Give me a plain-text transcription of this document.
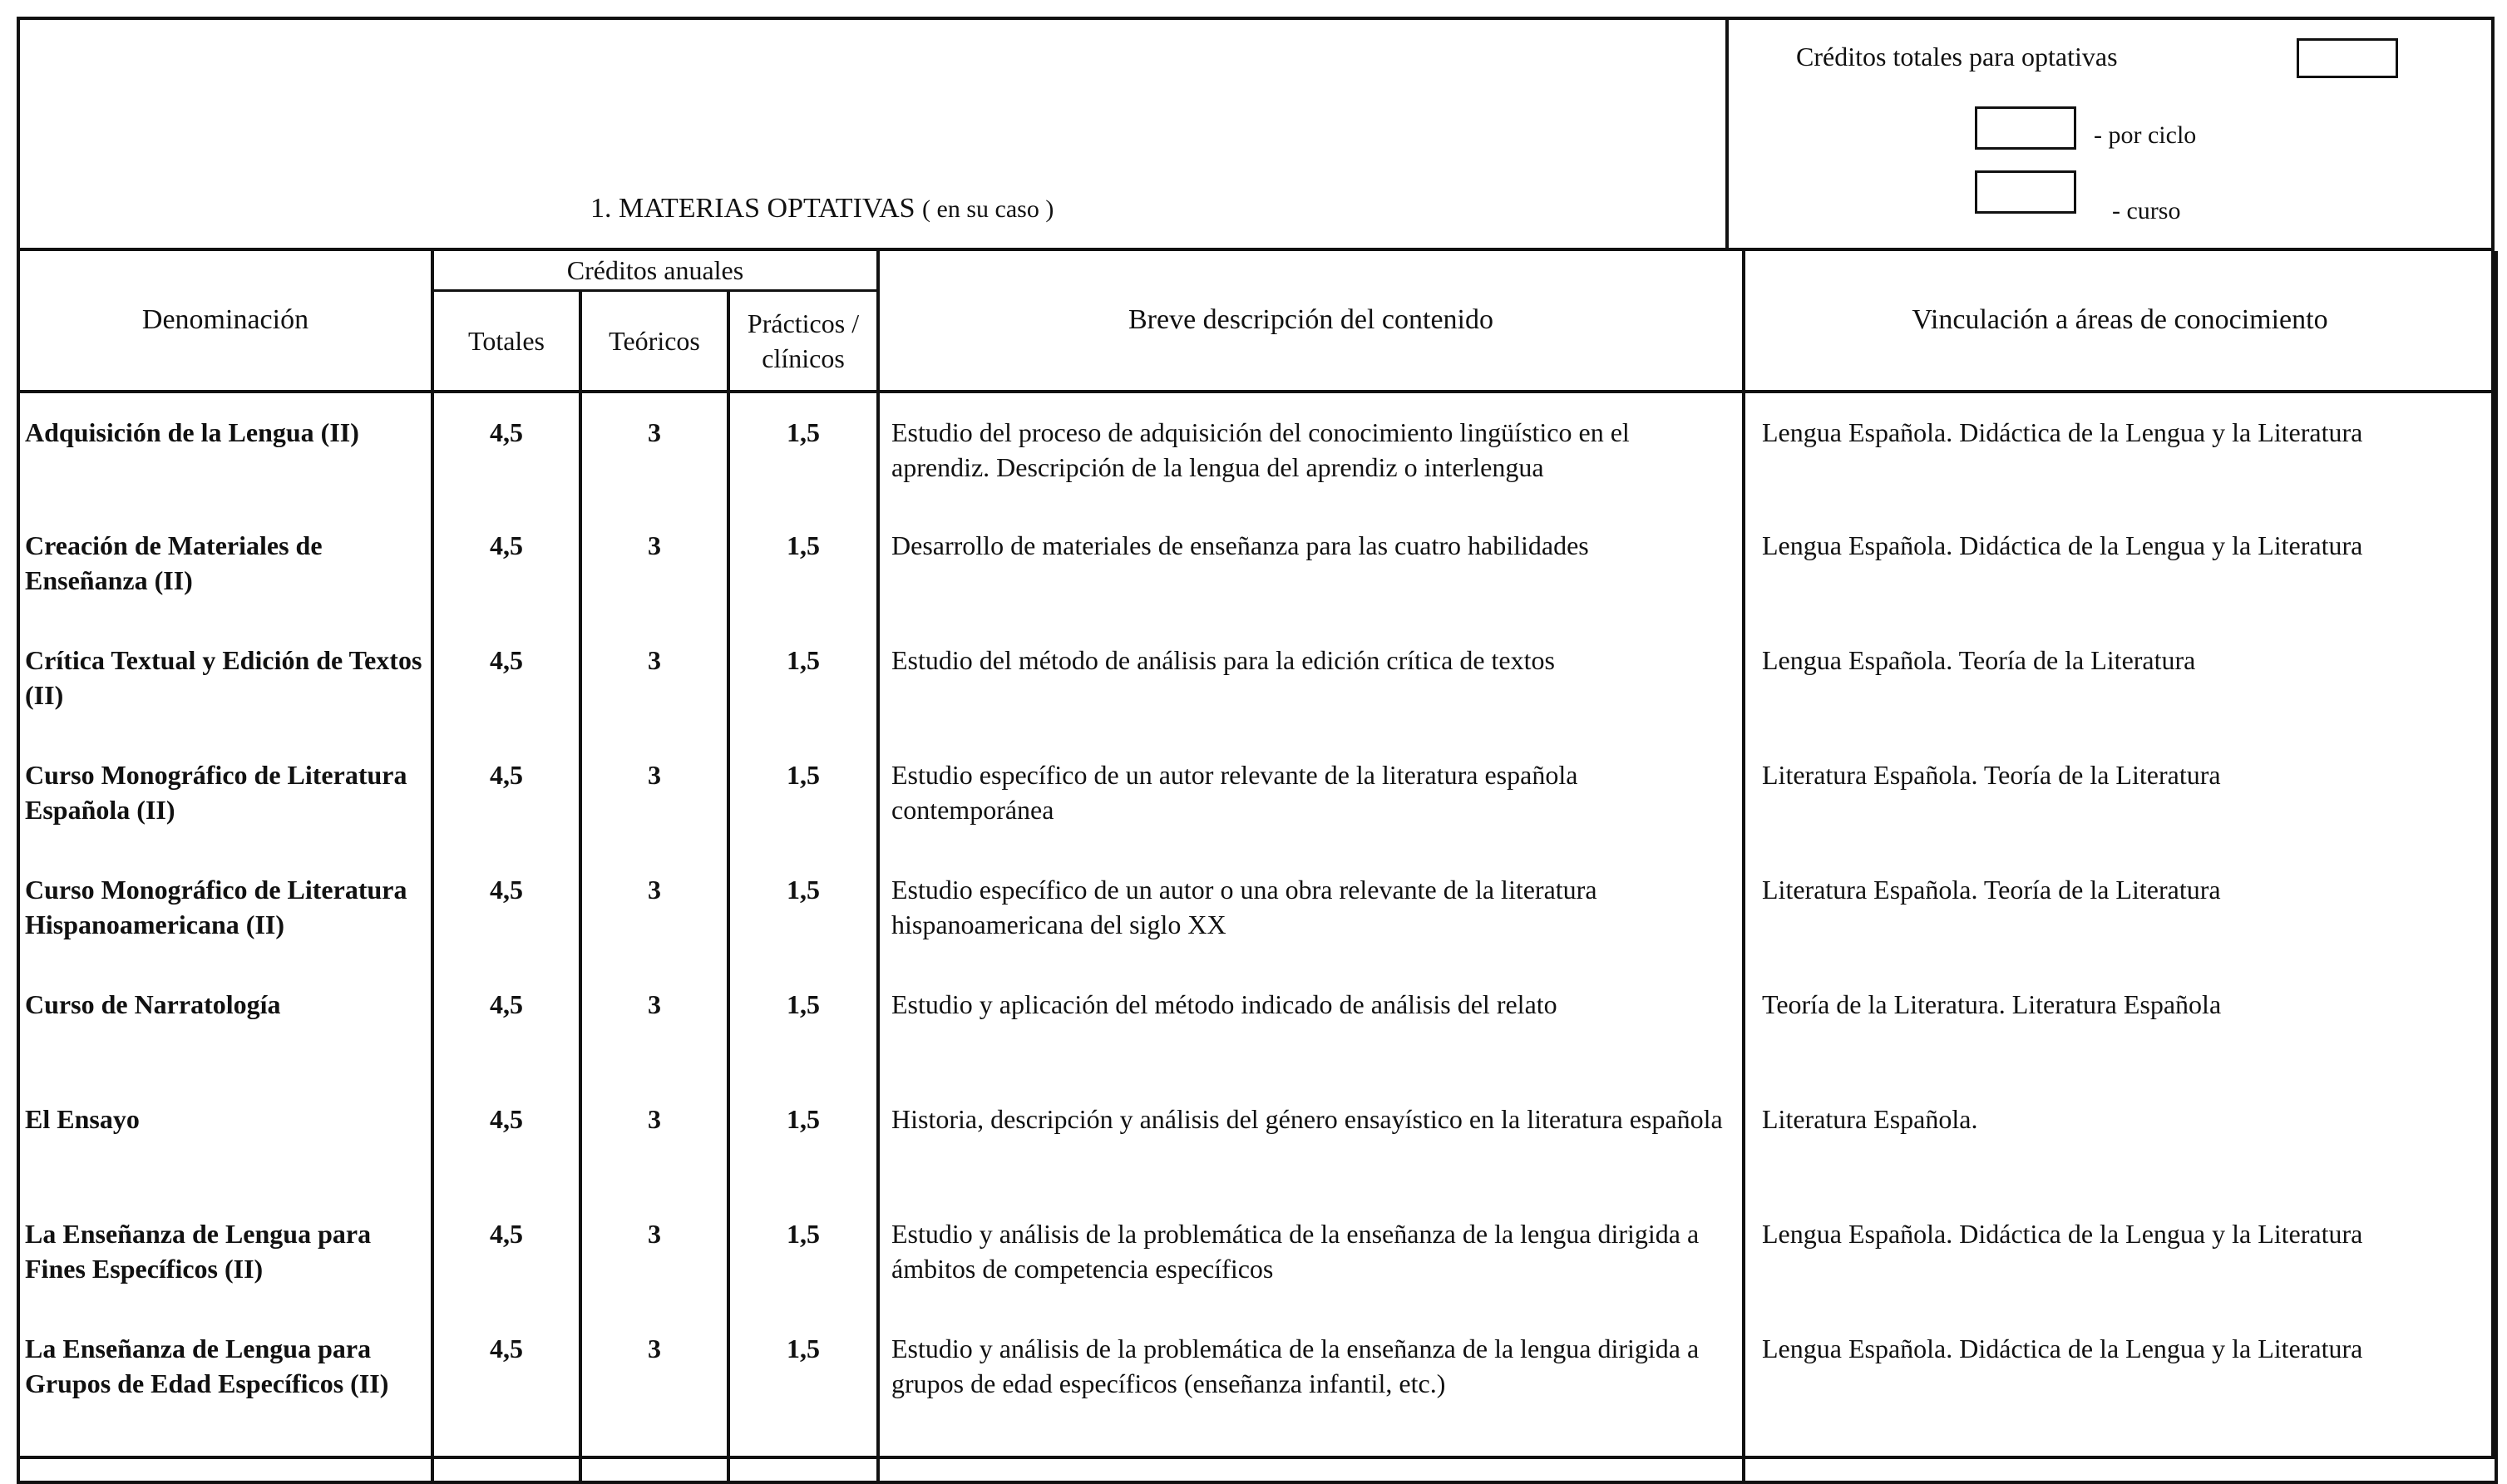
1. MATERIAS OPTATIVAS ( en su caso )
Créditos totales para optativas
- por ciclo
- curso
Denominación	Créditos anuales			Breve descripción del contenido	Vinculación a áreas de conocimiento
	Totales	Teóricos	Prácticos / clínicos		
Adquisición de la Lengua (II)	4,5	3	1,5	Estudio del proceso de adquisición del conocimiento lingüístico en el aprendiz. Descripción de la lengua del aprendiz o interlengua	Lengua Española. Didáctica de la Lengua y la Literatura
Creación de Materiales de Enseñanza (II)	4,5	3	1,5	Desarrollo de materiales de enseñanza para las cuatro habilidades	Lengua Española. Didáctica de la Lengua y la Literatura
Crítica Textual y Edición de Textos (II)	4,5	3	1,5	Estudio del método de análisis para la edición crítica de textos	Lengua Española. Teoría de la Literatura
Curso Monográfico de Literatura Española (II)	4,5	3	1,5	Estudio específico de un autor relevante de la literatura española contemporánea	Literatura Española. Teoría de la Literatura
Curso Monográfico de Literatura Hispanoamericana (II)	4,5	3	1,5	Estudio específico de un autor o una obra relevante de la literatura hispanoamericana del siglo XX	Literatura Española. Teoría de la Literatura
Curso de Narratología	4,5	3	1,5	Estudio y aplicación del método indicado de análisis del relato	Teoría de la Literatura. Literatura Española
El Ensayo	4,5	3	1,5	Historia, descripción y análisis del género ensayístico en la literatura española	Literatura Española.
La Enseñanza de Lengua para Fines Específicos (II)	4,5	3	1,5	Estudio y análisis de la problemática de la enseñanza de la lengua dirigida a ámbitos de competencia específicos	Lengua Española. Didáctica de la Lengua y la Literatura
La Enseñanza de Lengua para Grupos de Edad Específicos (II)	4,5	3	1,5	Estudio y análisis de la problemática de la enseñanza de la lengua dirigida a grupos de edad específicos (enseñanza infantil, etc.)	Lengua Española. Didáctica de la Lengua y la Literatura
